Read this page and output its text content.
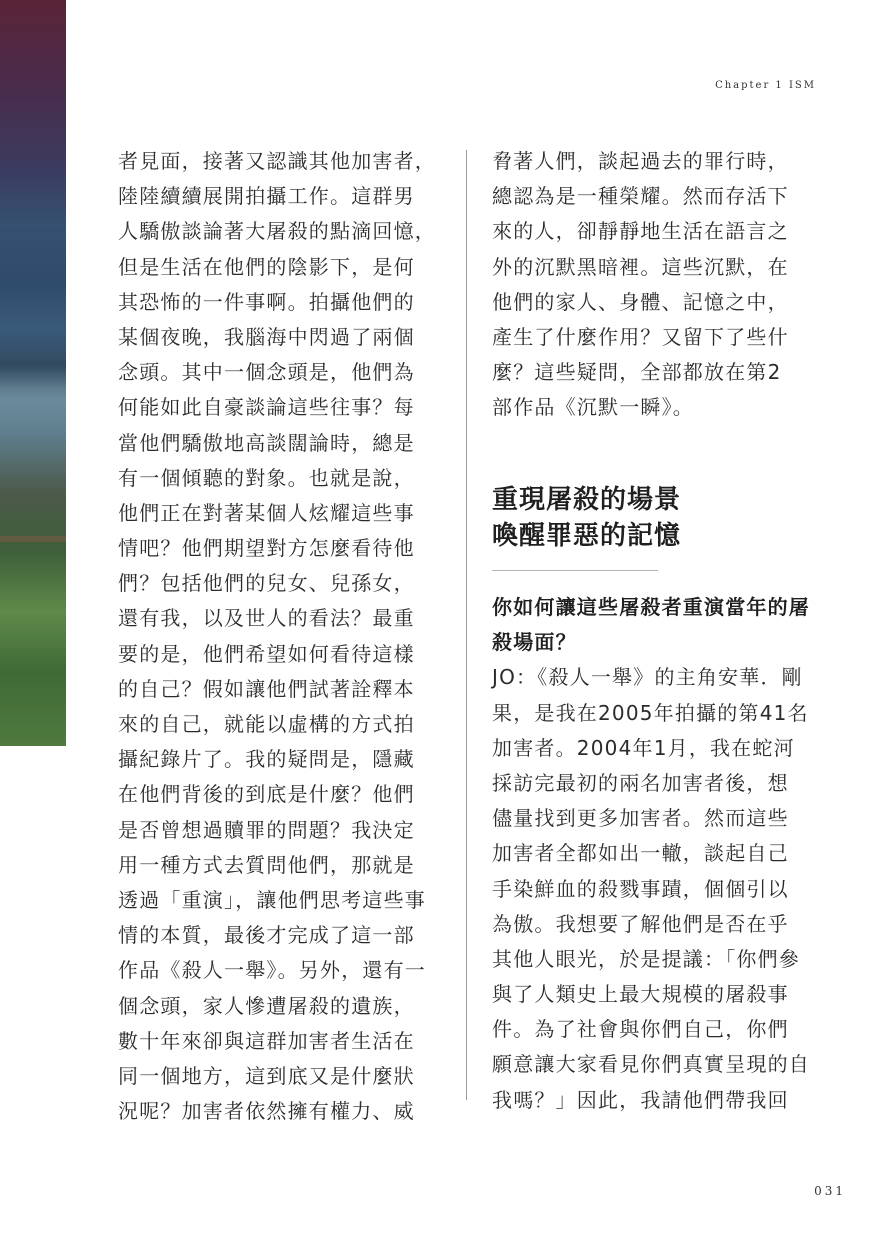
Chapter 1 ISM
者見面，接著又認識其他加害者，
陸陸續續展開拍攝工作。這群男
人驕傲談論著大屠殺的點滴回憶，
但是生活在他們的陰影下，是何
其恐怖的一件事啊。拍攝他們的
某個夜晚，我腦海中閃過了兩個
念頭。其中一個念頭是，他們為
何能如此自豪談論這些往事？每
當他們驕傲地高談闊論時，總是
有一個傾聽的對象。也就是說，
他們正在對著某個人炫耀這些事
情吧？他們期望對方怎麼看待他
們？包括他們的兒女、兒孫女，
還有我，以及世人的看法？最重
要的是，他們希望如何看待這樣
的自己？假如讓他們試著詮釋本
來的自己，就能以虛構的方式拍
攝紀錄片了。我的疑問是，隱藏
在他們背後的到底是什麼？他們
是否曾想過贖罪的問題？我決定
用一種方式去質問他們，那就是
透過「重演」，讓他們思考這些事
情的本質，最後才完成了這一部
作品《殺人一舉》。另外，還有一
個念頭，家人慘遭屠殺的遺族，
數十年來卻與這群加害者生活在
同一個地方，這到底又是什麼狀
況呢？加害者依然擁有權力、威
脅著人們，談起過去的罪行時，
總認為是一種榮耀。然而存活下
來的人，卻靜靜地生活在語言之
外的沉默黑暗裡。這些沉默，在
他們的家人、身體、記憶之中，
產生了什麼作用？又留下了些什
麼？這些疑問，全部都放在第2
部作品《沉默一瞬》。
重現屠殺的場景
喚醒罪惡的記憶
你如何讓這些屠殺者重演當年的屠
殺場面？
JO：《殺人一舉》的主角安華．剛
果，是我在2005年拍攝的第41名
加害者。2004年1月，我在蛇河
採訪完最初的兩名加害者後，想
儘量找到更多加害者。然而這些
加害者全都如出一轍，談起自己
手染鮮血的殺戮事蹟，個個引以
為傲。我想要了解他們是否在乎
其他人眼光，於是提議：「你們參
與了人類史上最大規模的屠殺事
件。為了社會與你們自己，你們
願意讓大家看見你們真實呈現的自
我嗎？」因此，我請他們帶我回
031
